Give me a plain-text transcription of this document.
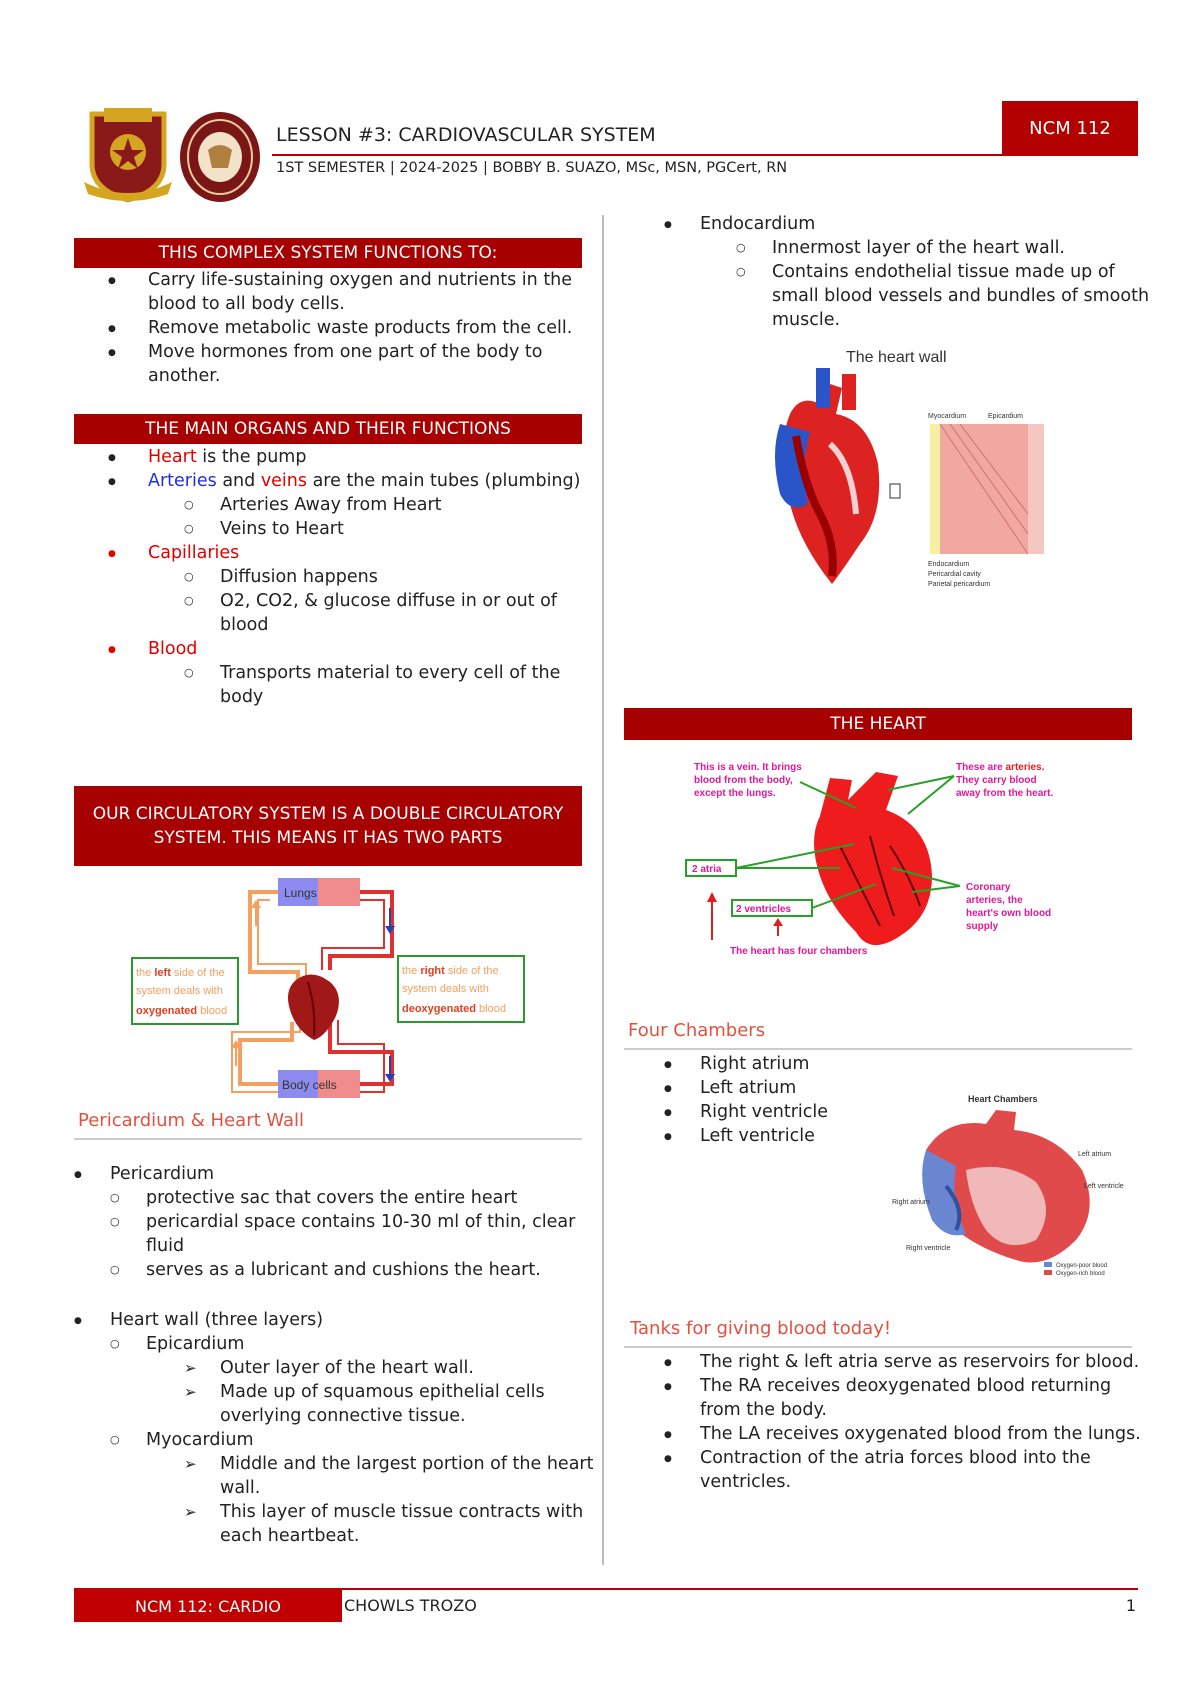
LESSON #3: CARDIOVASCULAR SYSTEM
1ST SEMESTER | 2024-2025 | BOBBY B. SUAZO, MSc, MSN, PGCert, RN
NCM 112
THIS COMPLEX SYSTEM FUNCTIONS TO:
● Carry life-sustaining oxygen and nutrients in the blood to all body cells.
● Remove metabolic waste products from the cell.
● Move hormones from one part of the body to another.
THE MAIN ORGANS AND THEIR FUNCTIONS
● Heart is the pump
● Arteries and veins are the main tubes (plumbing)
○ Arteries Away from Heart
○ Veins to Heart
● Capillaries
○ Diffusion happens
○ O2, CO2, & glucose diffuse in or out of blood
● Blood
○ Transports material to every cell of the body
OUR CIRCULATORY SYSTEM IS A DOUBLE CIRCULATORY SYSTEM. THIS MEANS IT HAS TWO PARTS
Lungs
Body cells
the left side of the
system deals with
oxygenated blood
the right side of the
system deals with
deoxygenated blood
Pericardium & Heart Wall
● Pericardium
○ protective sac that covers the entire heart
○ pericardial space contains 10-30 ml of thin, clear fluid
○ serves as a lubricant and cushions the heart.
● Heart wall (three layers)
○ Epicardium
➢ Outer layer of the heart wall.
➢ Made up of squamous epithelial cells overlying connective tissue.
○ Myocardium
➢ Middle and the largest portion of the heart wall.
➢ This layer of muscle tissue contracts with each heartbeat.
● Endocardium
○ Innermost layer of the heart wall.
○ Contains endothelial tissue made up of small blood vessels and bundles of smooth muscle.
The heart wall
Myocardium	Epicardium
Endocardium
Pericardial cavity
Parietal pericardium
THE HEART
This is a vein. It brings
blood from the body,
except the lungs.
These are arteries.
They carry blood
away from the heart.
2 atria
2 ventricles
Coronary
arteries, the
heart's own blood
supply
The heart has four chambers
Four Chambers
● Right atrium
● Left atrium
● Right ventricle
● Left ventricle
Heart Chambers
Left atrium
Left ventricle
Right atrium
Right ventricle
Oxygen-poor blood
Oxygen-rich blood
Tanks for giving blood today!
● The right & left atria serve as reservoirs for blood.
● The RA receives deoxygenated blood returning from the body.
● The LA receives oxygenated blood from the lungs.
● Contraction of the atria forces blood into the ventricles.
NCM 112: CARDIO	CHOWLS TROZO	1
